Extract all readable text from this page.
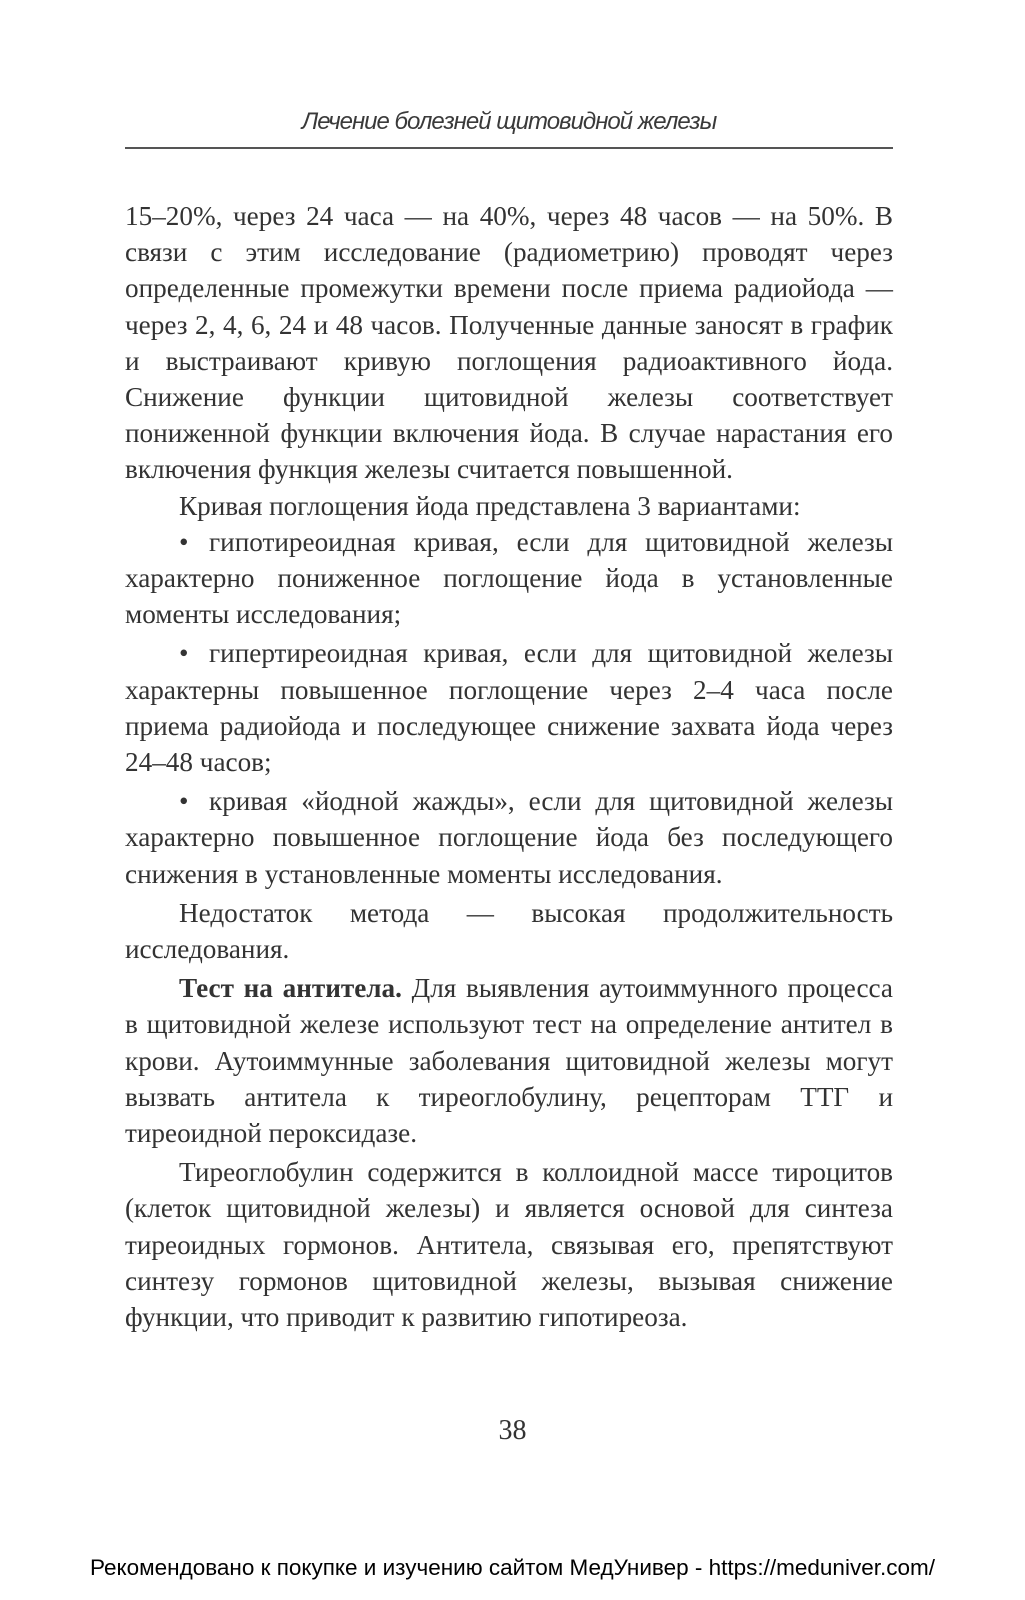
Лечение болезней щитовидной железы

15–20%, через 24 часа — на 40%, через 48 часов — на 50%. В связи с этим исследование (радиометрию) проводят через определенные промежутки времени после приема радиойода — через 2, 4, 6, 24 и 48 часов. Полученные данные заносят в график и выстраивают кривую поглощения радиоактивного йода. Снижение функции щитовидной железы соответствует пониженной функции включения йода. В случае нарастания его включения функция железы считается повышенной.

Кривая поглощения йода представлена 3 вариантами:

• гипотиреоидная кривая, если для щитовидной железы характерно пониженное поглощение йода в установленные моменты исследования;

• гипертиреоидная кривая, если для щитовидной железы характерны повышенное поглощение через 2–4 часа после приема радиойода и последующее снижение захвата йода через 24–48 часов;

• кривая «йодной жажды», если для щитовидной железы характерно повышенное поглощение йода без последующего снижения в установленные моменты исследования.

Недостаток метода — высокая продолжительность исследования.

Тест на антитела. Для выявления аутоиммунного процесса в щитовидной железе используют тест на определение антител в крови. Аутоиммунные заболевания щитовидной железы могут вызвать антитела к тиреоглобулину, рецепторам ТТГ и тиреоидной пероксидазе.

Тиреоглобулин содержится в коллоидной массе тироцитов (клеток щитовидной железы) и является основой для синтеза тиреоидных гормонов. Антитела, связывая его, препятствуют синтезу гормонов щитовидной железы, вызывая снижение функции, что приводит к развитию гипотиреоза.

38
Рекомендовано к покупке и изучению сайтом МедУнивер - https://meduniver.com/
